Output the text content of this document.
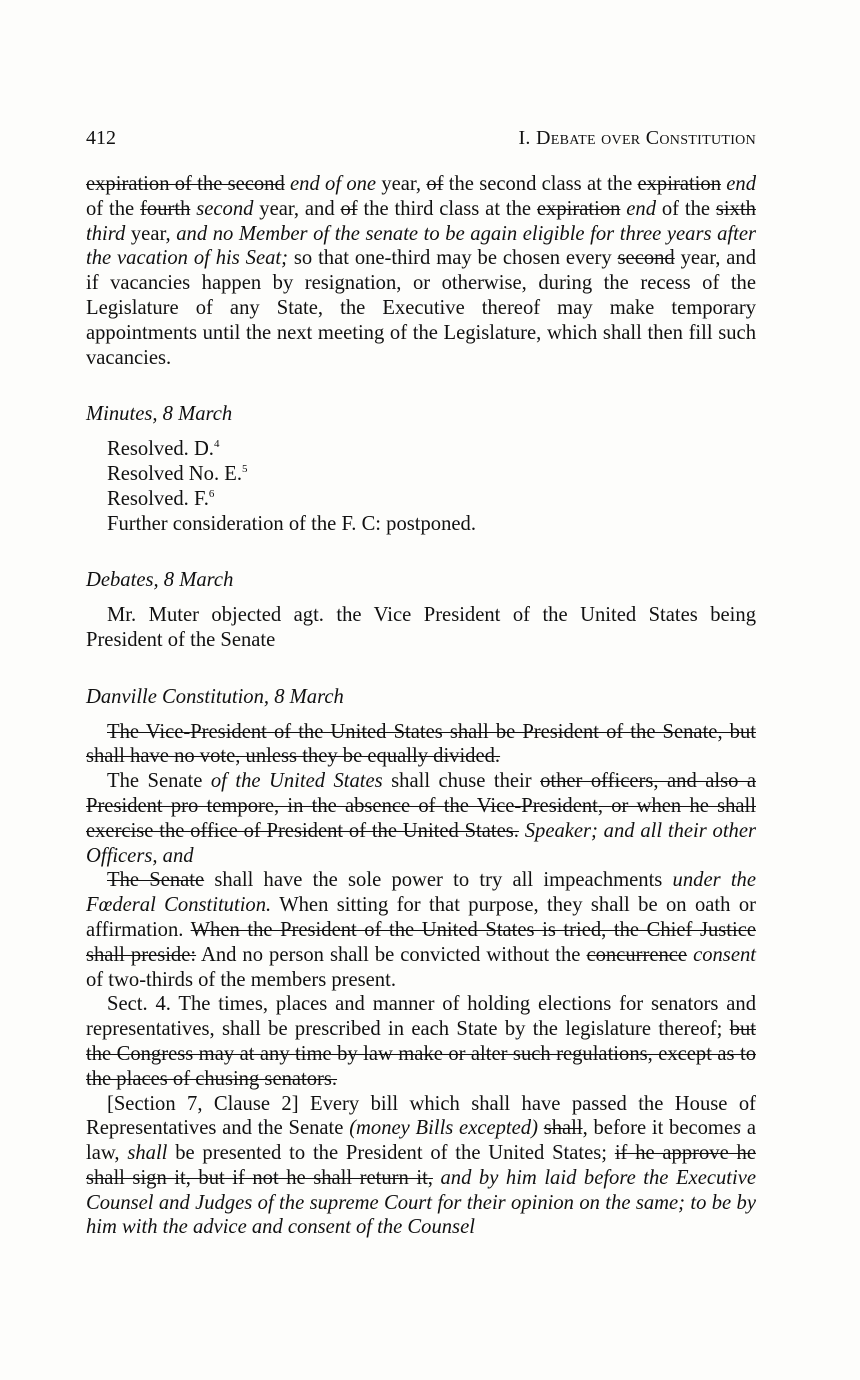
412	I. Debate over Constitution

expiration of the second end of one year, of the second class at the expiration end of the fourth second year, and of the third class at the expiration end of the sixth third year, and no Member of the senate to be again eligible for three years after the vacation of his Seat; so that one-third may be chosen every second year, and if vacancies happen by resignation, or otherwise, during the recess of the Legislature of any State, the Executive thereof may make temporary appointments until the next meeting of the Legislature, which shall then fill such vacancies.

Minutes, 8 March

Resolved. D.$^4$
Resolved No. E.$^5$
Resolved. F.$^6$
Further consideration of the F. C: postponed.

Debates, 8 March

Mr. Muter objected agt. the Vice President of the United States being President of the Senate

Danville Constitution, 8 March

The Vice-President of the United States shall be President of the Senate, but shall have no vote, unless they be equally divided.

The Senate of the United States shall chuse their other officers, and also a President pro tempore, in the absence of the Vice-President, or when he shall exercise the office of President of the United States. Speaker; and all their other Officers, and

The Senate shall have the sole power to try all impeachments under the Fœderal Constitution. When sitting for that purpose, they shall be on oath or affirmation. When the President of the United States is tried, the Chief Justice shall preside: And no person shall be convicted without the concurrence consent of two-thirds of the members present.

Sect. 4. The times, places and manner of holding elections for senators and representatives, shall be prescribed in each State by the legislature thereof; but the Congress may at any time by law make or alter such regulations, except as to the places of chusing senators.

[Section 7, Clause 2] Every bill which shall have passed the House of Representatives and the Senate (money Bills excepted) shall, before it becomes a law, shall be presented to the President of the United States; if he approve he shall sign it, but if not he shall return it, and by him laid before the Executive Counsel and Judges of the supreme Court for their opinion on the same; to be by him with the advice and consent of the Counsel
